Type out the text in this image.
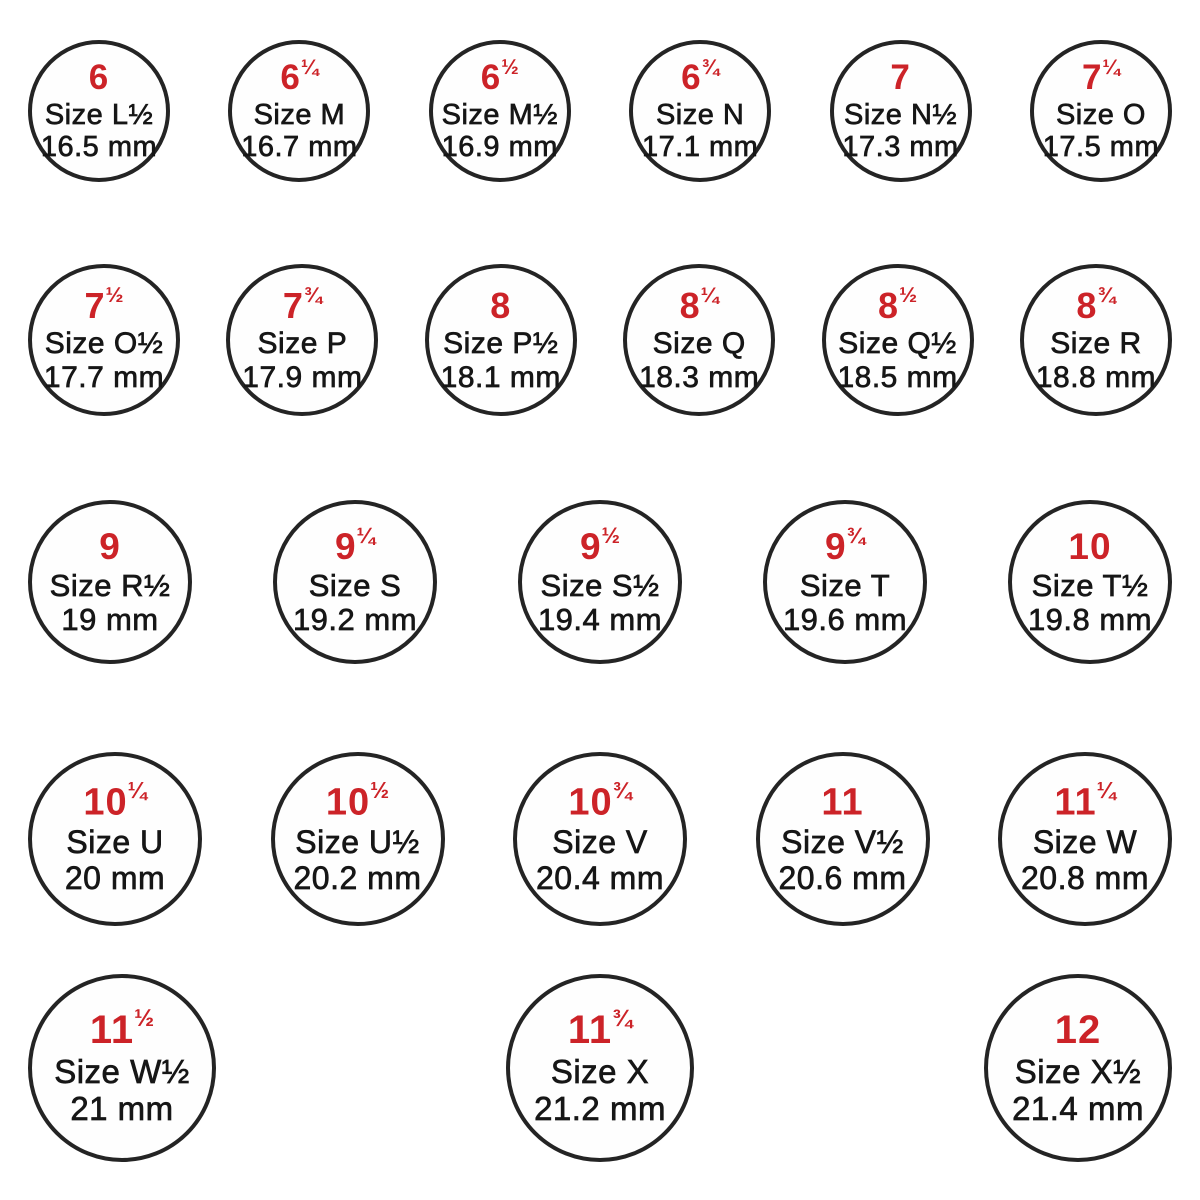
6
Size L½
16.5 mm
$6^{\frac{1}{4}}$
Size M
16.7 mm
$6^{\frac{1}{2}}$
Size M½
16.9 mm
$6^{\frac{3}{4}}$
Size N
17.1 mm
7
Size N½
17.3 mm
$7^{\frac{1}{4}}$
Size O
17.5 mm
$7^{\frac{1}{2}}$
Size O½
17.7 mm
$7^{\frac{3}{4}}$
Size P
17.9 mm
8
Size P½
18.1 mm
$8^{\frac{1}{4}}$
Size Q
18.3 mm
$8^{\frac{1}{2}}$
Size Q½
18.5 mm
$8^{\frac{3}{4}}$
Size R
18.8 mm
9
Size R½
19 mm
$9^{\frac{1}{4}}$
Size S
19.2 mm
$9^{\frac{1}{2}}$
Size S½
19.4 mm
$9^{\frac{3}{4}}$
Size T
19.6 mm
10
Size T½
19.8 mm
$10^{\frac{1}{4}}$
Size U
20 mm
$10^{\frac{1}{2}}$
Size U½
20.2 mm
$10^{\frac{3}{4}}$
Size V
20.4 mm
11
Size V½
20.6 mm
$11^{\frac{1}{4}}$
Size W
20.8 mm
$11^{\frac{1}{2}}$
Size W½
21 mm
$11^{\frac{3}{4}}$
Size X
21.2 mm
12
Size X½
21.4 mm
